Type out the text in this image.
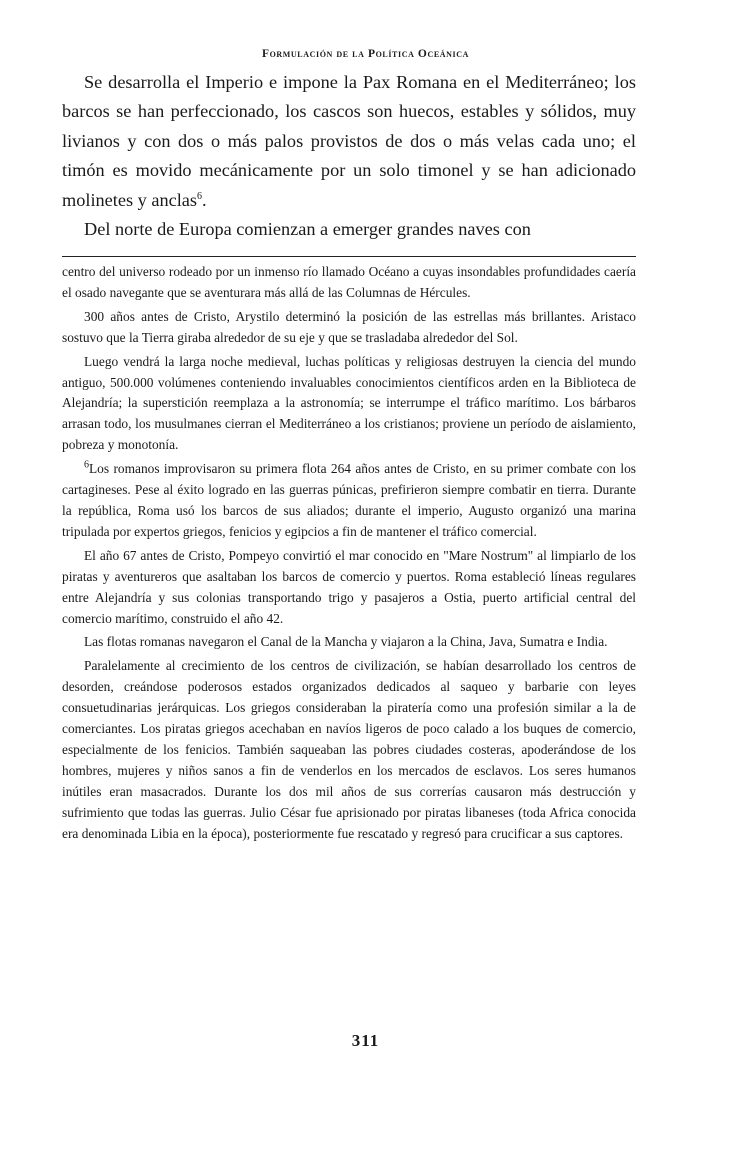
Formulación de la Política Oceánica

Se desarrolla el Imperio e impone la Pax Romana en el Mediterráneo; los barcos se han perfeccionado, los cascos son huecos, estables y sólidos, muy livianos y con dos o más palos provistos de dos o más velas cada uno; el timón es movido mecánicamente por un solo timonel y se han adicionado molinetes y anclas$^6$.

Del norte de Europa comienzan a emerger grandes naves con

centro del universo rodeado por un inmenso río llamado Océano a cuyas insondables profundidades caería el osado navegante que se aventurara más allá de las Columnas de Hércules.

300 años antes de Cristo, Arystilo determinó la posición de las estrellas más brillantes. Aristaco sostuvo que la Tierra giraba alrededor de su eje y que se trasladaba alrededor del Sol.

Luego vendrá la larga noche medieval, luchas políticas y religiosas destruyen la ciencia del mundo antiguo, 500.000 volúmenes conteniendo invaluables conocimientos científicos arden en la Biblioteca de Alejandría; la superstición reemplaza a la astronomía; se interrumpe el tráfico marítimo. Los bárbaros arrasan todo, los musulmanes cierran el Mediterráneo a los cristianos; proviene un período de aislamiento, pobreza y monotonía.

$^6$Los romanos improvisaron su primera flota 264 años antes de Cristo, en su primer combate con los cartagineses. Pese al éxito logrado en las guerras púnicas, prefirieron siempre combatir en tierra. Durante la república, Roma usó los barcos de sus aliados; durante el imperio, Augusto organizó una marina tripulada por expertos griegos, fenicios y egipcios a fin de mantener el tráfico comercial.

El año 67 antes de Cristo, Pompeyo convirtió el mar conocido en "Mare Nostrum" al limpiarlo de los piratas y aventureros que asaltaban los barcos de comercio y puertos. Roma estableció líneas regulares entre Alejandría y sus colonias transportando trigo y pasajeros a Ostia, puerto artificial central del comercio marítimo, construido el año 42.

Las flotas romanas navegaron el Canal de la Mancha y viajaron a la China, Java, Sumatra e India.

Paralelamente al crecimiento de los centros de civilización, se habían desarrollado los centros de desorden, creándose poderosos estados organizados dedicados al saqueo y barbarie con leyes consuetudinarias jerárquicas. Los griegos consideraban la piratería como una profesión similar a la de comerciantes. Los piratas griegos acechaban en navíos ligeros de poco calado a los buques de comercio, especialmente de los fenicios. También saqueaban las pobres ciudades costeras, apoderándose de los hombres, mujeres y niños sanos a fin de venderlos en los mercados de esclavos. Los seres humanos inútiles eran masacrados. Durante los dos mil años de sus correrías causaron más destrucción y sufrimiento que todas las guerras. Julio César fue aprisionado por piratas libaneses (toda Africa conocida era denominada Libia en la época), posteriormente fue rescatado y regresó para crucificar a sus captores.

311
